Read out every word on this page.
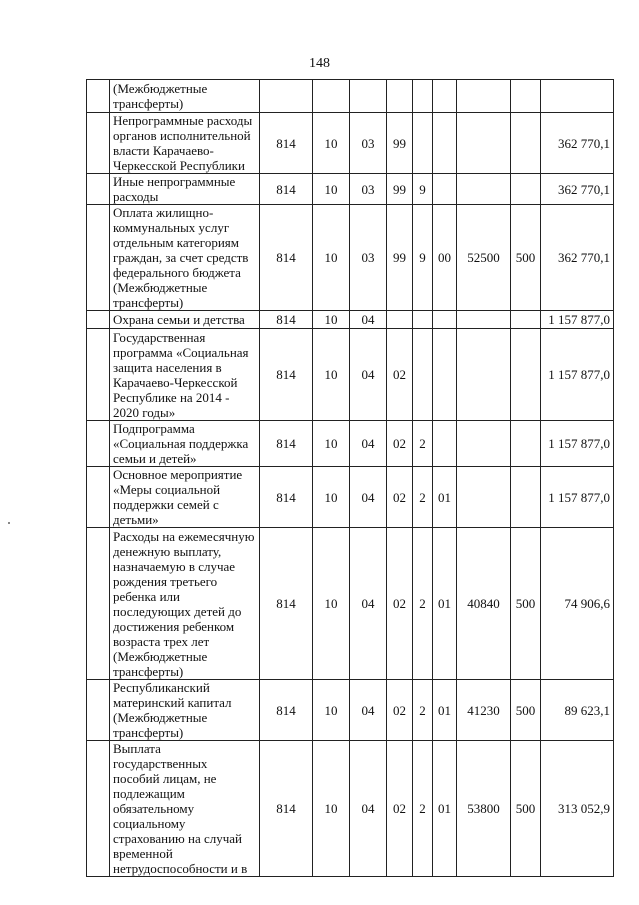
148
	(Межбюджетные трансферты)									
	Непрограммные расходы органов исполнительной власти Карачаево-Черкесской Республики	814	10	03	99					362 770,1
	Иные непрограммные расходы	814	10	03	99	9				362 770,1
	Оплата жилищно-коммунальных услуг отдельным категориям граждан, за счет средств федерального бюджета (Межбюджетные трансферты)	814	10	03	99	9	00	52500	500	362 770,1
	Охрана семьи и детства	814	10	04						1 157 877,0
	Государственная программа «Социальная защита населения в Карачаево-Черкесской Республике на 2014 - 2020 годы»	814	10	04	02					1 157 877,0
	Подпрограмма «Социальная поддержка семьи и детей»	814	10	04	02	2				1 157 877,0
	Основное мероприятие «Меры социальной поддержки семей с детьми»	814	10	04	02	2	01			1 157 877,0
	Расходы на ежемесячную денежную выплату, назначаемую в случае рождения третьего ребенка или последующих детей до достижения ребенком возраста трех лет (Межбюджетные трансферты)	814	10	04	02	2	01	40840	500	74 906,6
	Республиканский материнский капитал (Межбюджетные трансферты)	814	10	04	02	2	01	41230	500	89 623,1
	Выплата государственных пособий лицам, не подлежащим обязательному социальному страхованию на случай временной нетрудоспособности и в	814	10	04	02	2	01	53800	500	313 052,9
